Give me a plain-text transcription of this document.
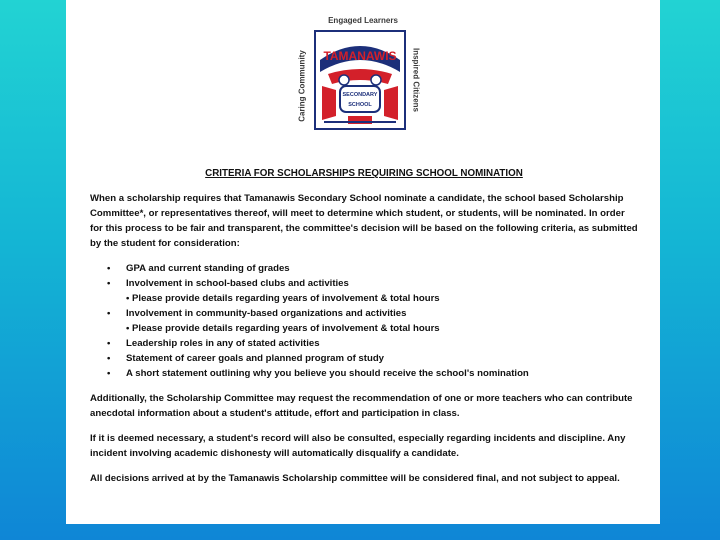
Engaged Learners
Caring Community	Inspired Citizens
TAMANAWIS
SECONDARY
SCHOOL
CRITERIA FOR SCHOLARSHIPS REQUIRING SCHOOL NOMINATION

When a scholarship requires that Tamanawis Secondary School nominate a candidate, the school based Scholarship Committee*, or representatives thereof, will meet to determine which student, or students, will be nominated. In order for this process to be fair and transparent, the committee's decision will be based on the following criteria, as submitted by the student for consideration:

• GPA and current standing of grades
• Involvement in school-based clubs and activities
• Please provide details regarding years of involvement & total hours
• Involvement in community-based organizations and activities
• Please provide details regarding years of involvement & total hours
• Leadership roles in any of stated activities
• Statement of career goals and planned program of study
• A short statement outlining why you believe you should receive the school's nomination

Additionally, the Scholarship Committee may request the recommendation of one or more teachers who can contribute anecdotal information about a student's attitude, effort and participation in class.

If it is deemed necessary, a student's record will also be consulted, especially regarding incidents and discipline. Any incident involving academic dishonesty will automatically disqualify a candidate.

All decisions arrived at by the Tamanawis Scholarship committee will be considered final, and not subject to appeal.
